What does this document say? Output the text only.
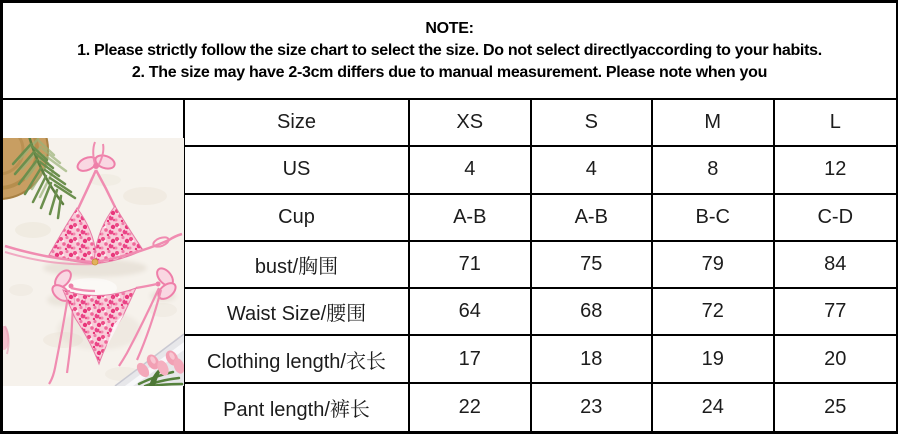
NOTE:
1. Please strictly follow the size chart to select the size. Do not select directlyaccording to your habits.
2. The size may have 2-3cm differs due to manual measurement. Please note when you
Size	XS	S	M	L
US	4	4	8	12
Cup	A-B	A-B	B-C	C-D
bust/胸围	71	75	79	84
Waist Size/腰围	64	68	72	77
Clothing length/衣长	17	18	19	20
Pant length/裤长	22	23	24	25
